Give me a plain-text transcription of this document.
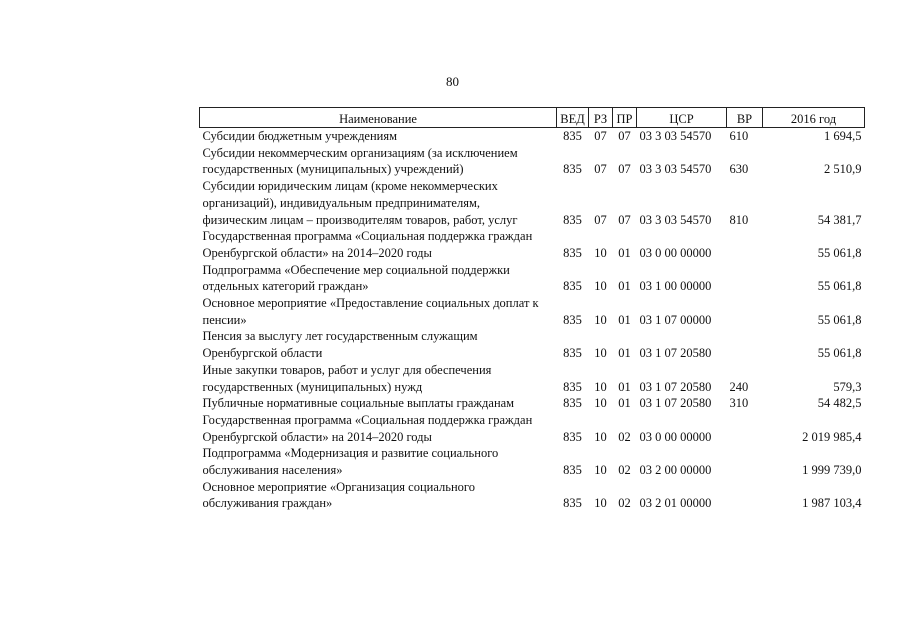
80
Наименование	ВЕД	РЗ	ПР	ЦСР	ВР	2016 год

Субсидии бюджетным учреждениям	835	07	07	03 3 03 54570	610	1 694,5

Субсидии некоммерческим организациям (за исключением
государственных (муниципальных) учреждений)	835	07	07	03 3 03 54570	630	2 510,9

Субсидии юридическим лицам (кроме некоммерческих
организаций), индивидуальным предпринимателям,
физическим лицам – производителям товаров, работ, услуг	835	07	07	03 3 03 54570	810	54 381,7

Государственная программа «Социальная поддержка граждан
Оренбургской области» на 2014–2020 годы	835	10	01	03 0 00 00000		55 061,8

Подпрограмма «Обеспечение мер социальной поддержки
отдельных категорий граждан»	835	10	01	03 1 00 00000		55 061,8

Основное мероприятие «Предоставление социальных доплат к
пенсии»	835	10	01	03 1 07 00000		55 061,8

Пенсия за выслугу лет государственным служащим
Оренбургской области	835	10	01	03 1 07 20580		55 061,8

Иные закупки товаров, работ и услуг для обеспечения
государственных (муниципальных) нужд	835	10	01	03 1 07 20580	240	579,3

Публичные нормативные социальные выплаты гражданам	835	10	01	03 1 07 20580	310	54 482,5

Государственная программа «Социальная поддержка граждан
Оренбургской области» на 2014–2020 годы	835	10	02	03 0 00 00000		2 019 985,4

Подпрограмма «Модернизация и развитие социального
обслуживания населения»	835	10	02	03 2 00 00000		1 999 739,0

Основное мероприятие «Организация социального
обслуживания граждан»	835	10	02	03 2 01 00000		1 987 103,4
